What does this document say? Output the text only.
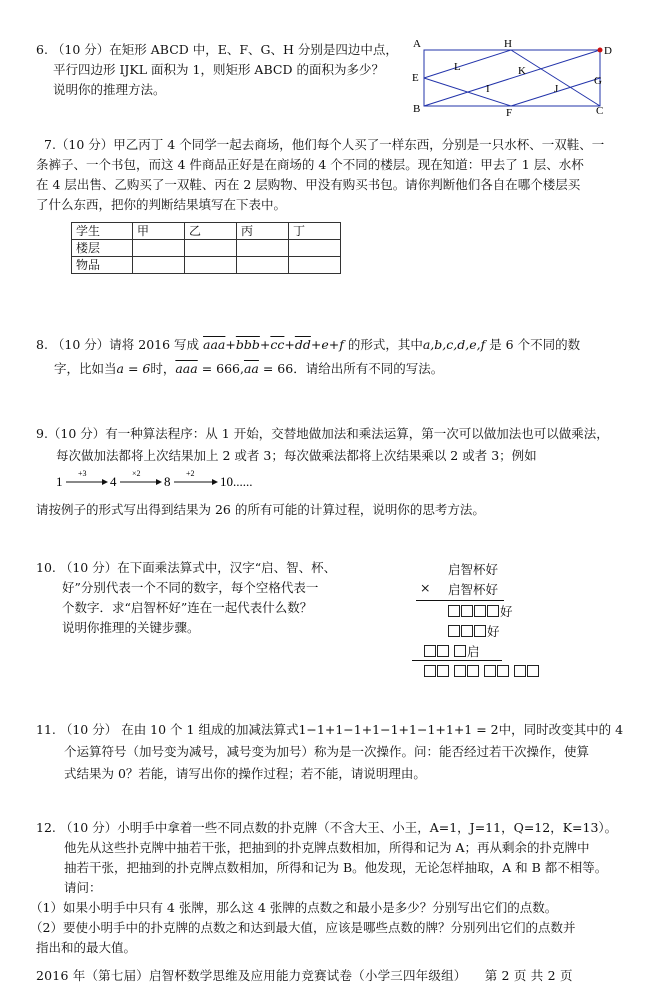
6. （10 分）在矩形 ABCD 中，E、F、G、H 分别是四边中点，

平行四边形 IJKL 面积为 1，则矩形 ABCD 的面积为多少？

说明你的推理方法。

A	H
D
L	K
E	G
I	J
B	F	C

7.（10 分）甲乙丙丁 4 个同学一起去商场，他们每个人买了一样东西，分别是一只水杯、一双鞋、一

条裤子、一个书包，而这 4 件商品正好是在商场的 4 个不同的楼层。现在知道：甲去了 1 层、水杯

在 4 层出售、乙购买了一双鞋、丙在 2 层购物、甲没有购买书包。请你判断他们各自在哪个楼层买

了什么东西，把你的判断结果填写在下表中。

学生	甲	乙	丙	丁
楼层				
物品				

8. （10 分）请将 2016 写成 $\overline{aaa}+\overline{bbb}+\overline{cc}+\overline{dd}+e+f$ 的形式，其中a,b,c,d,e,f 是 6 个不同的数

字，比如当a = 6时，$\overline{aaa} = 666,\overline{aa} = 66$．请给出所有不同的写法。

9.（10 分）有一种算法程序：从 1 开始，交替地做加法和乘法运算，第一次可以做加法也可以做乘法，

每次做加法都将上次结果加上 2 或者 3；每次做乘法都将上次结果乘以 2 或者 3；例如

1
+3
4
×2
8
+2
10......

请按例子的形式写出得到结果为 26 的所有可能的计算过程，说明你的思考方法。

10. （10 分）在下面乘法算式中，汉字“启、智、杯、

好”分别代表一个不同的数字，每个空格代表一

个数字．求“启智杯好”连在一起代表什么数？

说明你推理的关键步骤。

启智杯好
× 启智杯好
好
好
启

11. （10 分） 在由 10 个 1 组成的加减法算式1−1+1−1+1−1+1−1+1+1 = 2中，同时改变其中的 4

个运算符号（加号变为减号，减号变为加号）称为是一次操作。问：能否经过若干次操作，使算

式结果为 0？若能，请写出你的操作过程；若不能，请说明理由。

12. （10 分）小明手中拿着一些不同点数的扑克牌（不含大王、小王，A=1，J=11，Q=12，K=13）。

他先从这些扑克牌中抽若干张，把抽到的扑克牌点数相加，所得和记为 A；再从剩余的扑克牌中

抽若干张，把抽到的扑克牌点数相加，所得和记为 B。他发现，无论怎样抽取，A 和 B 都不相等。

请问：

（1）如果小明手中只有 4 张牌，那么这 4 张牌的点数之和最小是多少？分别写出它们的点数。

（2）要使小明手中的扑克牌的点数之和达到最大值，应该是哪些点数的牌？分别列出它们的点数并

指出和的最大值。

2016 年（第七届）启智杯数学思维及应用能力竞赛试卷（小学三四年级组） 第 2 页 共 2 页
